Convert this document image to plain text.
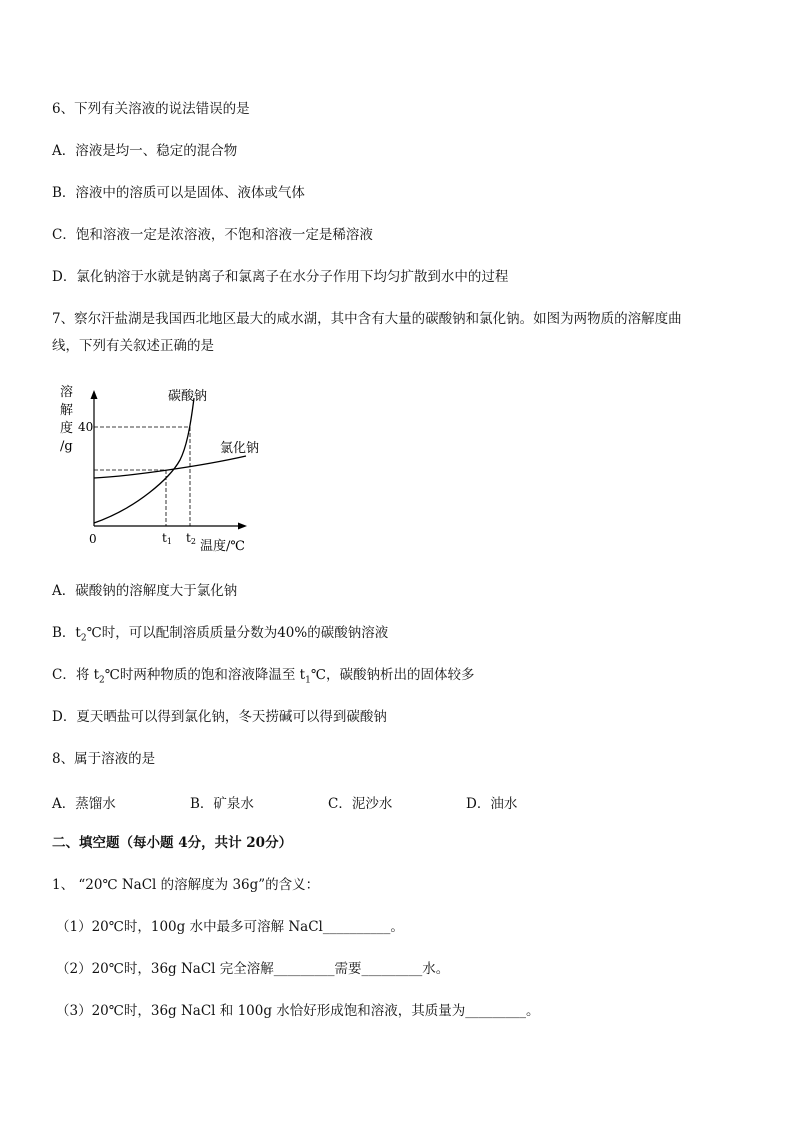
6、下列有关溶液的说法错误的是
A．溶液是均一、稳定的混合物
B．溶液中的溶质可以是固体、液体或气体
C．饱和溶液一定是浓溶液，不饱和溶液一定是稀溶液
D．氯化钠溶于水就是钠离子和氯离子在水分子作用下均匀扩散到水中的过程
7、察尔汗盐湖是我国西北地区最大的咸水湖，其中含有大量的碳酸钠和氯化钠。如图为两物质的溶解度曲
线，下列有关叙述正确的是
溶
解
度
/g
40
0	t1 t2 温度/℃
碳酸钠
氯化钠
A．碳酸钠的溶解度大于氯化钠
B．$t_2℃$时，可以配制溶质质量分数为40%的碳酸钠溶液
C．将 $t_2℃$时两种物质的饱和溶液降温至 $t_1℃$，碳酸钠析出的固体较多
D．夏天晒盐可以得到氯化钠，冬天捞碱可以得到碳酸钠
8、属于溶液的是
A．蒸馏水	B．矿泉水	C．泥沙水	D．油水
二、填空题（每小题 4分，共计 20分）
1、 “20℃ NaCl 的溶解度为 36g”的含义：
（1）20℃时，100g 水中最多可溶解 NaCl__________。
（2）20℃时，36g NaCl 完全溶解_________需要_________水。
（3）20℃时，36g NaCl 和 100g 水恰好形成饱和溶液，其质量为_________。
